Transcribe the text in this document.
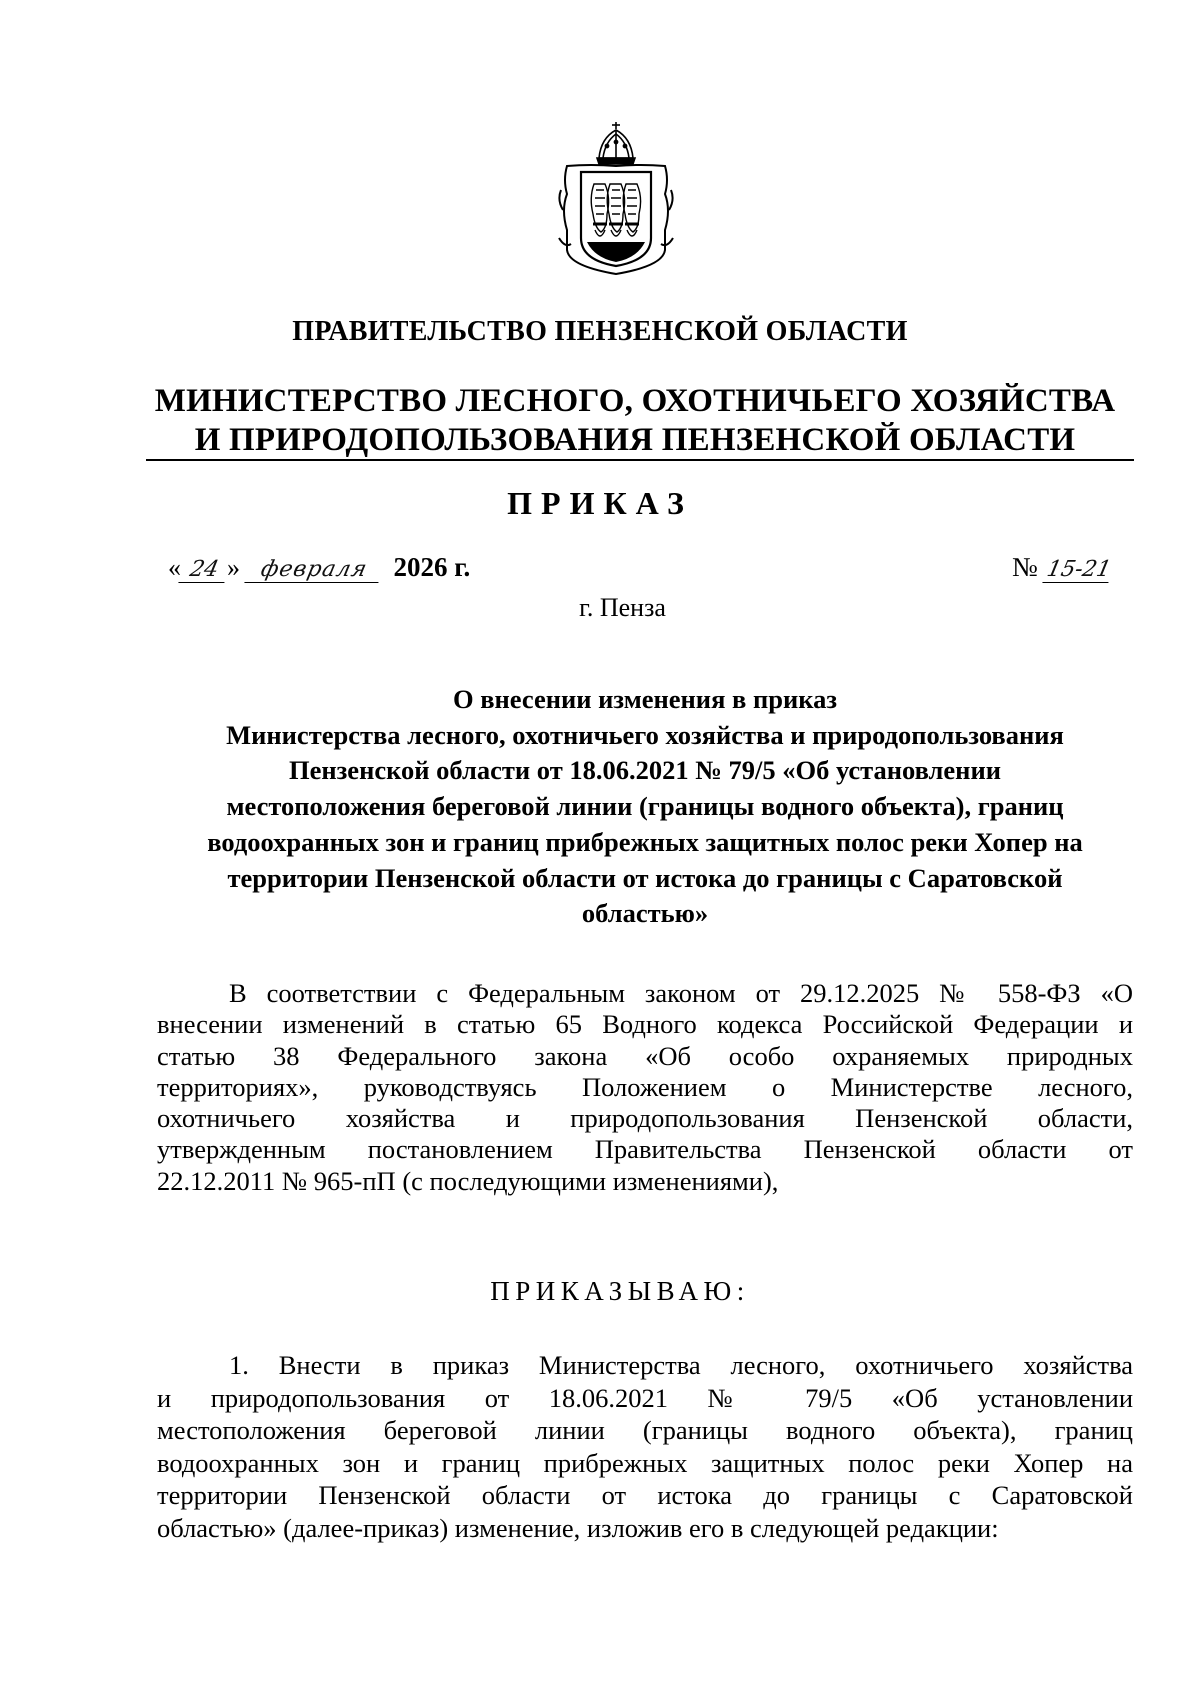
ПРАВИТЕЛЬСТВО ПЕНЗЕНСКОЙ ОБЛАСТИ
МИНИСТЕРСТВО ЛЕСНОГО, ОХОТНИЧЬЕГО ХОЗЯЙСТВА
И ПРИРОДОПОЛЬЗОВАНИЯ ПЕНЗЕНСКОЙ ОБЛАСТИ
ПРИКАЗ
« 24 » февраля 2026 г.	№ 15-21
г. Пенза
О внесении изменения в приказ
Министерства лесного, охотничьего хозяйства и природопользования
Пензенской области от 18.06.2021 № 79/5 «Об установлении
местоположения береговой линии (границы водного объекта), границ
водоохранных зон и границ прибрежных защитных полос реки Хопер на
территории Пензенской области от истока до границы с Саратовской
областью»
В соответствии с Федеральным законом от 29.12.2025 № 558-ФЗ «О
внесении изменений в статью 65 Водного кодекса Российской Федерации и
статью 38 Федерального закона «Об особо охраняемых природных
территориях», руководствуясь Положением о Министерстве лесного,
охотничьего хозяйства и природопользования Пензенской области,
утвержденным постановлением Правительства Пензенской области от
22.12.2011 № 965-пП (с последующими изменениями),
ПРИКАЗЫВАЮ:
1. Внести в приказ Министерства лесного, охотничьего хозяйства
и природопользования от 18.06.2021 № 79/5 «Об установлении
местоположения береговой линии (границы водного объекта), границ
водоохранных зон и границ прибрежных защитных полос реки Хопер на
территории Пензенской области от истока до границы с Саратовской
областью» (далее-приказ) изменение, изложив его в следующей редакции:
